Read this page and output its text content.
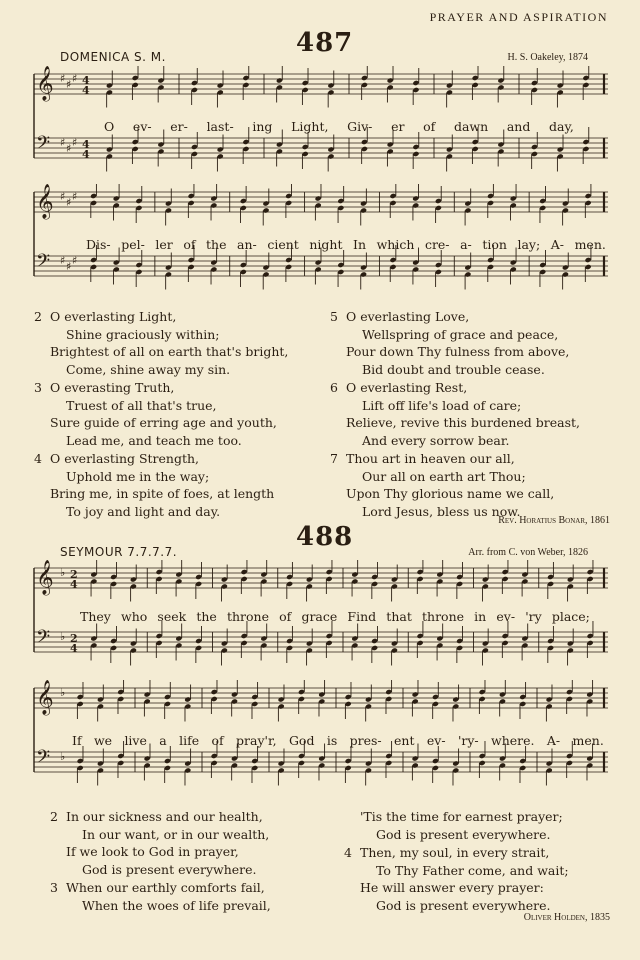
PRAYER AND ASPIRATION
487
DOMENICA S. M.	H. S. Oakeley, 1874
𝄞 ♯ ♯ ♯ 4
4
𝄢 ♯ ♯ ♯ 4
4
O ev- er- last- ing Light, Giv- er of dawn and day,
𝄞 ♯ ♯ ♯
𝄢 ♯ ♯ ♯
Dis- pel- ler of the an- cient night In which cre- a- tion lay; A- men.
2 O everlasting Light,
Shine graciously within;
Brightest of all on earth that's bright,
Come, shine away my sin.
3 O everasting Truth,
Truest of all that's true,
Sure guide of erring age and youth,
Lead me, and teach me too.
4 O everlasting Strength,
Uphold me in the way;
Bring me, in spite of foes, at length
To joy and light and day.
5 O everlasting Love,
Wellspring of grace and peace,
Pour down Thy fulness from above,
Bid doubt and trouble cease.
6 O everlasting Rest,
Lift off life's load of care;
Relieve, revive this burdened breast,
And every sorrow bear.
7 Thou art in heaven our all,
Our all on earth art Thou;
Upon Thy glorious name we call,
Lord Jesus, bless us now.
Rev. Horatius Bonar, 1861
488
SEYMOUR 7.7.7.7.	Arr. from C. von Weber, 1826
𝄞 ♭ 2
4
𝄢 ♭ 2
4
They who seek the throne of grace Find that throne in ev- 'ry place;
𝄞 ♭
𝄢 ♭
If we live a life of pray'r, God is pres- ent ev- 'ry- where. A- men.
2 In our sickness and our health,
In our want, or in our wealth,
If we look to God in prayer,
God is present everywhere.
3 When our earthly comforts fail,
When the woes of life prevail,
'Tis the time for earnest prayer;
God is present everywhere.
4 Then, my soul, in every strait,
To Thy Father come, and wait;
He will answer every prayer:
God is present everywhere.
Oliver Holden, 1835
